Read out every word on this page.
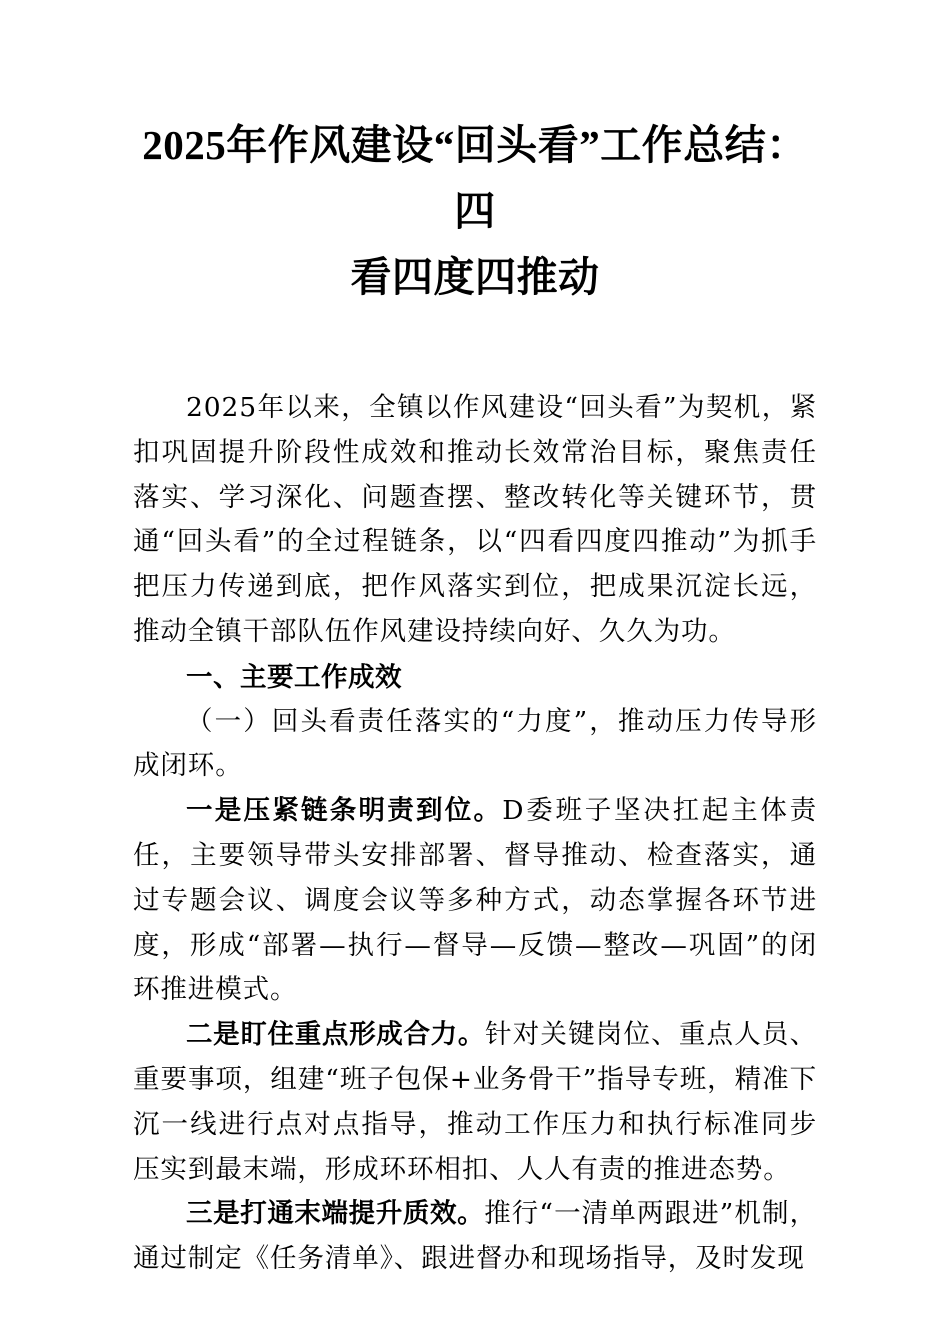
2025年作风建设“回头看”工作总结：四
看四度四推动

2025年以来，全镇以作风建设“回头看”为契机，紧扣巩固提升阶段性成效和推动长效常治目标，聚焦责任落实、学习深化、问题查摆、整改转化等关键环节，贯通“回头看”的全过程链条，以“四看四度四推动”为抓手把压力传递到底，把作风落实到位，把成果沉淀长远，推动全镇干部队伍作风建设持续向好、久久为功。

一、主要工作成效

（一）回头看责任落实的“力度”，推动压力传导形成闭环。

一是压紧链条明责到位。D委班子坚决扛起主体责任，主要领导带头安排部署、督导推动、检查落实，通过专题会议、调度会议等多种方式，动态掌握各环节进度，形成“部署—执行—督导—反馈—整改—巩固”的闭环推进模式。

二是盯住重点形成合力。针对关键岗位、重点人员、重要事项，组建“班子包保+业务骨干”指导专班，精准下沉一线进行点对点指导，推动工作压力和执行标准同步压实到最末端，形成环环相扣、人人有责的推进态势。

三是打通末端提升质效。推行“一清单两跟进”机制，通过制定《任务清单》、跟进督办和现场指导，及时发现
